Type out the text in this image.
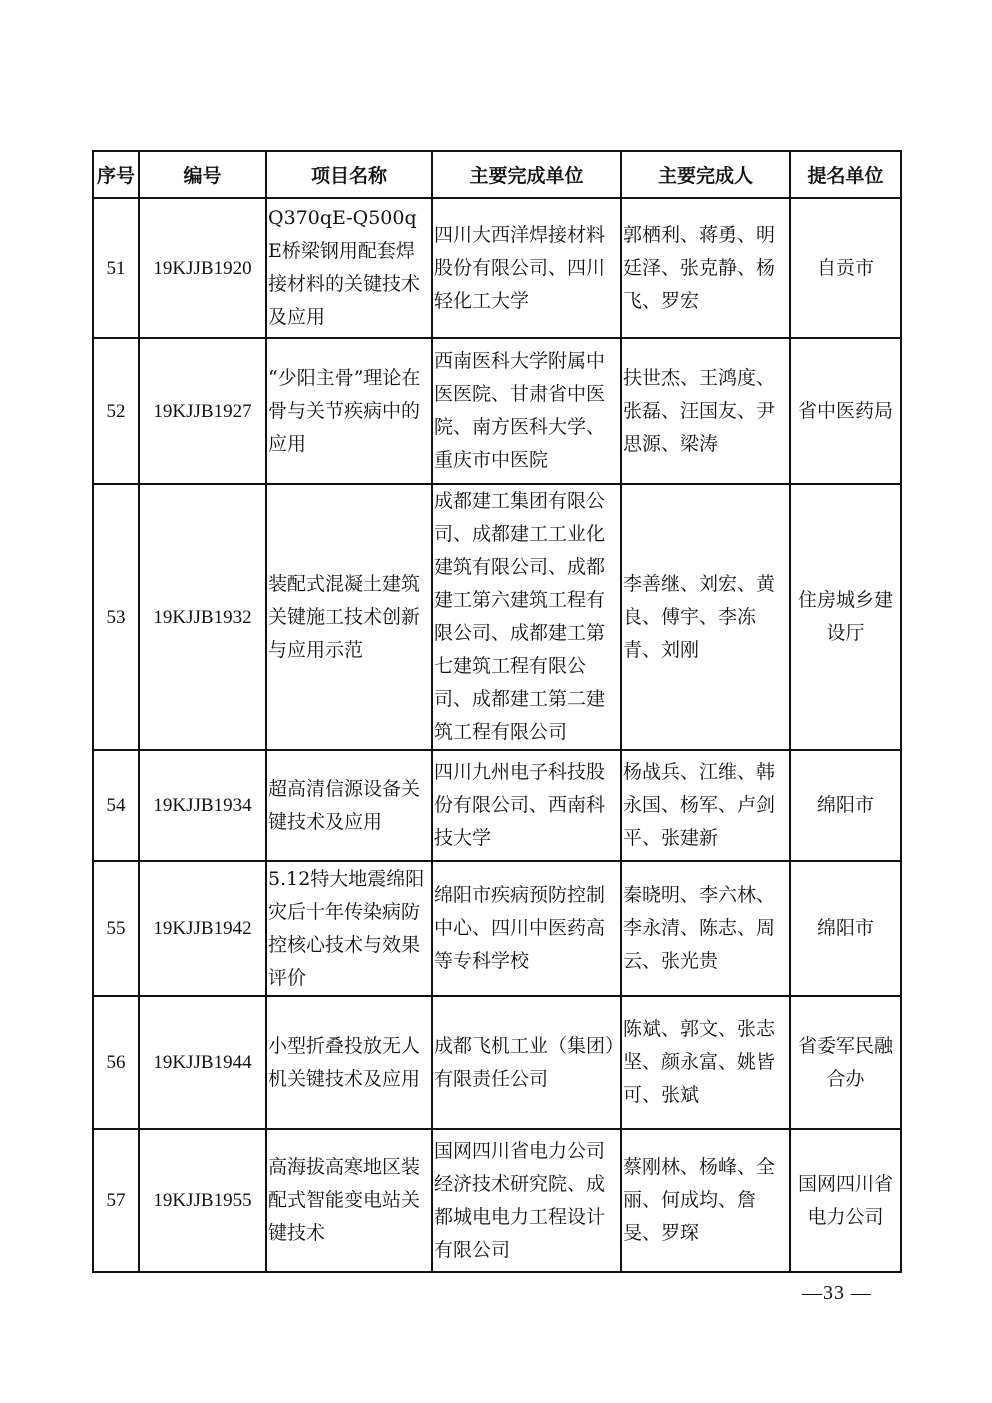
序号	编号	项目名称	主要完成单位	主要完成人	提名单位
51	19KJJB1920	Q370qE-Q500qE桥梁钢用配套焊接材料的关键技术及应用	四川大西洋焊接材料股份有限公司、四川轻化工大学	郭栖利、蒋勇、明廷泽、张克静、杨飞、罗宏	自贡市
52	19KJJB1927	“少阳主骨”理论在骨与关节疾病中的应用	西南医科大学附属中医医院、甘肃省中医院、南方医科大学、重庆市中医院	扶世杰、王鸿度、张磊、汪国友、尹思源、梁涛	省中医药局
53	19KJJB1932	装配式混凝土建筑关键施工技术创新与应用示范	成都建工集团有限公司、成都建工工业化建筑有限公司、成都建工第六建筑工程有限公司、成都建工第七建筑工程有限公司、成都建工第二建筑工程有限公司	李善继、刘宏、黄良、傅宇、李冻青、刘刚	住房城乡建设厅
54	19KJJB1934	超高清信源设备关键技术及应用	四川九州电子科技股份有限公司、西南科技大学	杨战兵、江维、韩永国、杨军、卢剑平、张建新	绵阳市
55	19KJJB1942	5.12特大地震绵阳灾后十年传染病防控核心技术与效果评价	绵阳市疾病预防控制中心、四川中医药高等专科学校	秦晓明、李六林、李永清、陈志、周云、张光贵	绵阳市
56	19KJJB1944	小型折叠投放无人机关键技术及应用	成都飞机工业（集团）有限责任公司	陈斌、郭文、张志坚、颜永富、姚皆可、张斌	省委军民融合办
57	19KJJB1955	高海拔高寒地区装配式智能变电站关键技术	国网四川省电力公司经济技术研究院、成都城电电力工程设计有限公司	蔡刚林、杨峰、全丽、何成均、詹旻、罗琛	国网四川省电力公司
—33 —
